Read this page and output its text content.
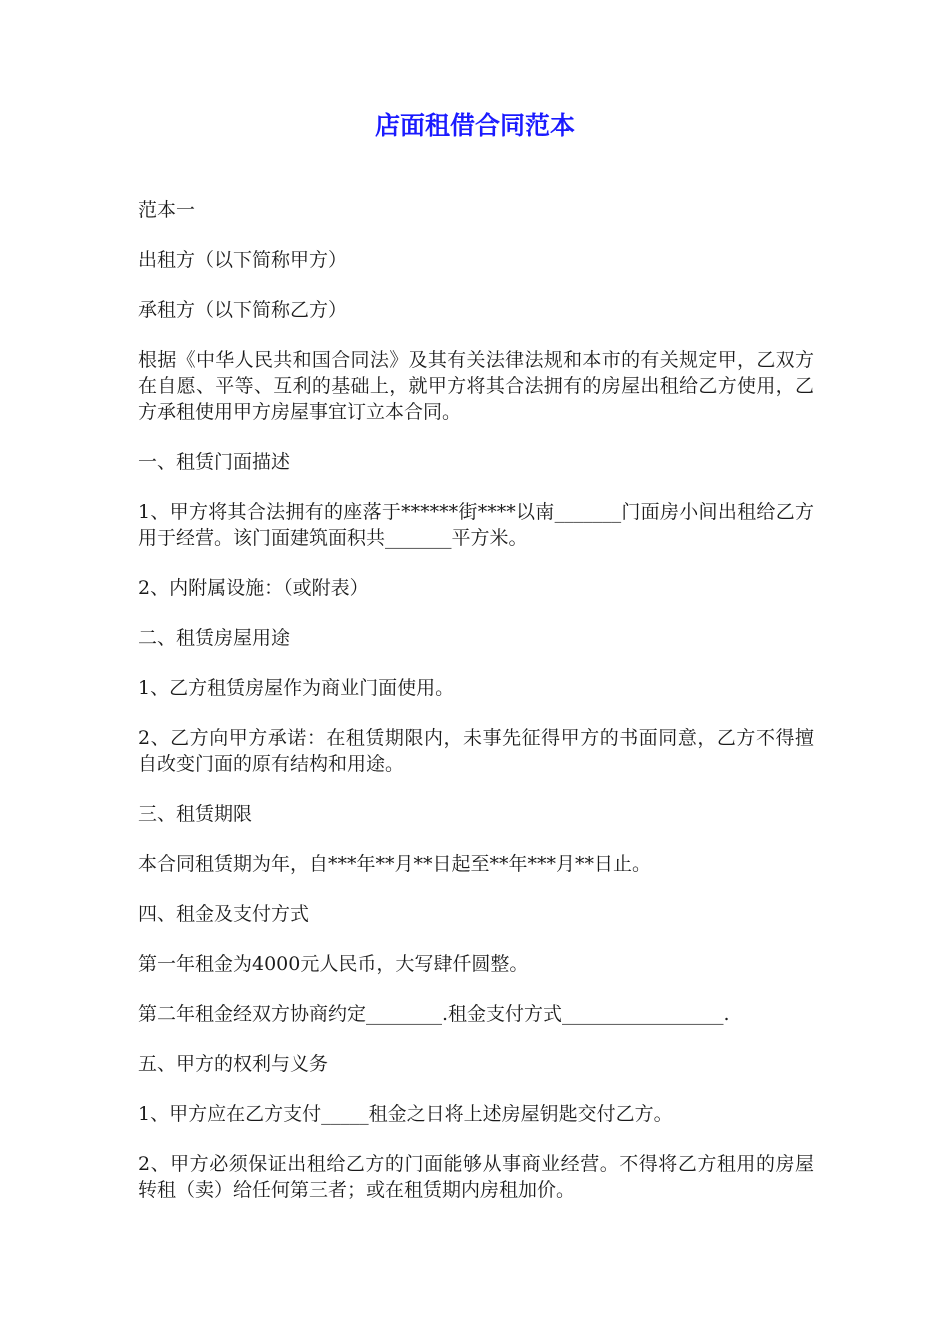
店面租借合同范本

范本一

出租方（以下简称甲方）

承租方（以下简称乙方）

根据《中华人民共和国合同法》及其有关法律法规和本市的有关规定甲，乙双方在自愿、平等、互利的基础上，就甲方将其合法拥有的房屋出租给乙方使用，乙方承租使用甲方房屋事宜订立本合同。

一、租赁门面描述

1、甲方将其合法拥有的座落于******街****以南_______门面房小间出租给乙方用于经营。该门面建筑面积共_______平方米。

2、内附属设施：（或附表）

二、租赁房屋用途

1、乙方租赁房屋作为商业门面使用。

2、乙方向甲方承诺：在租赁期限内，未事先征得甲方的书面同意，乙方不得擅自改变门面的原有结构和用途。

三、租赁期限

本合同租赁期为年，自***年**月**日起至**年***月**日止。

四、租金及支付方式

第一年租金为4000元人民币，大写肆仟圆整。

第二年租金经双方协商约定________.租金支付方式_________________.

五、甲方的权利与义务

1、甲方应在乙方支付_____租金之日将上述房屋钥匙交付乙方。

2、甲方必须保证出租给乙方的门面能够从事商业经营。不得将乙方租用的房屋转租（卖）给任何第三者；或在租赁期内房租加价。
